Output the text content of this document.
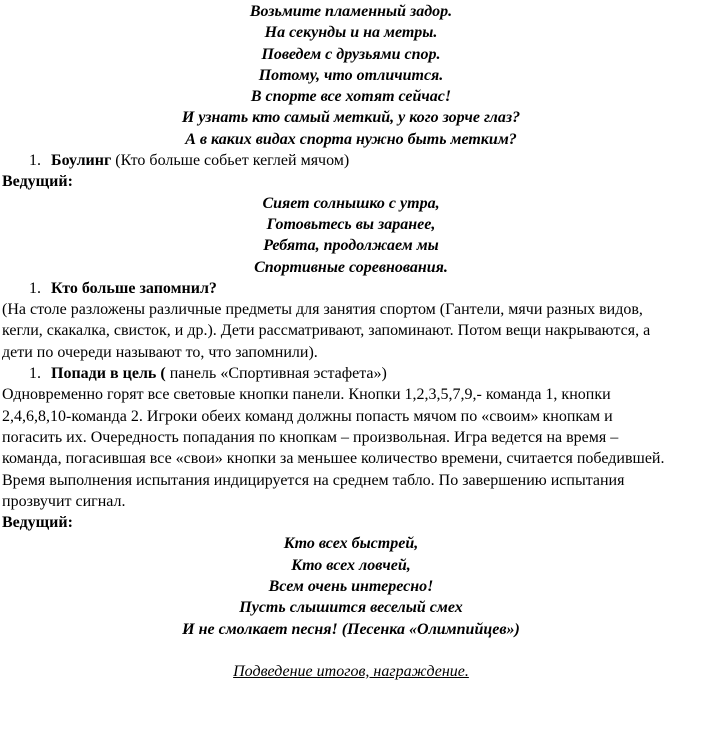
Возьмите пламенный задор.
На секунды и на метры.
Поведем с друзьями спор.
Потому, что отличится.
В спорте все хотят сейчас!
И узнать кто самый меткий, у кого зорче глаз?
А в каких видах спорта нужно быть метким?
1. Боулинг (Кто больше собьет кеглей мячом)
Ведущий:
Сияет солнышко с утра,
Готовьтесь вы заранее,
Ребята, продолжаем мы
Спортивные соревнования.
1. Кто больше запомнил?
(На столе разложены различные предметы для занятия спортом (Гантели, мячи разных видов,
кегли, скакалка, свисток, и др.). Дети рассматривают, запоминают. Потом вещи накрываются, а
дети по очереди называют то, что запомнили).
1. Попади в цель ( панель «Спортивная эстафета»)
Одновременно горят все световые кнопки панели. Кнопки 1,2,3,5,7,9,- команда 1, кнопки
2,4,6,8,10-команда 2. Игроки обеих команд должны попасть мячом по «своим» кнопкам и
погасить их. Очередность попадания по кнопкам – произвольная. Игра ведется на время –
команда, погасившая все «свои» кнопки за меньшее количество времени, считается победившей.
Время выполнения испытания индицируется на среднем табло. По завершению испытания
прозвучит сигнал.
Ведущий:
Кто всех быстрей,
Кто всех ловчей,
Всем очень интересно!
Пусть слышится веселый смех
И не смолкает песня! (Песенка «Олимпийцев»)
Подведение итогов, награждение.
